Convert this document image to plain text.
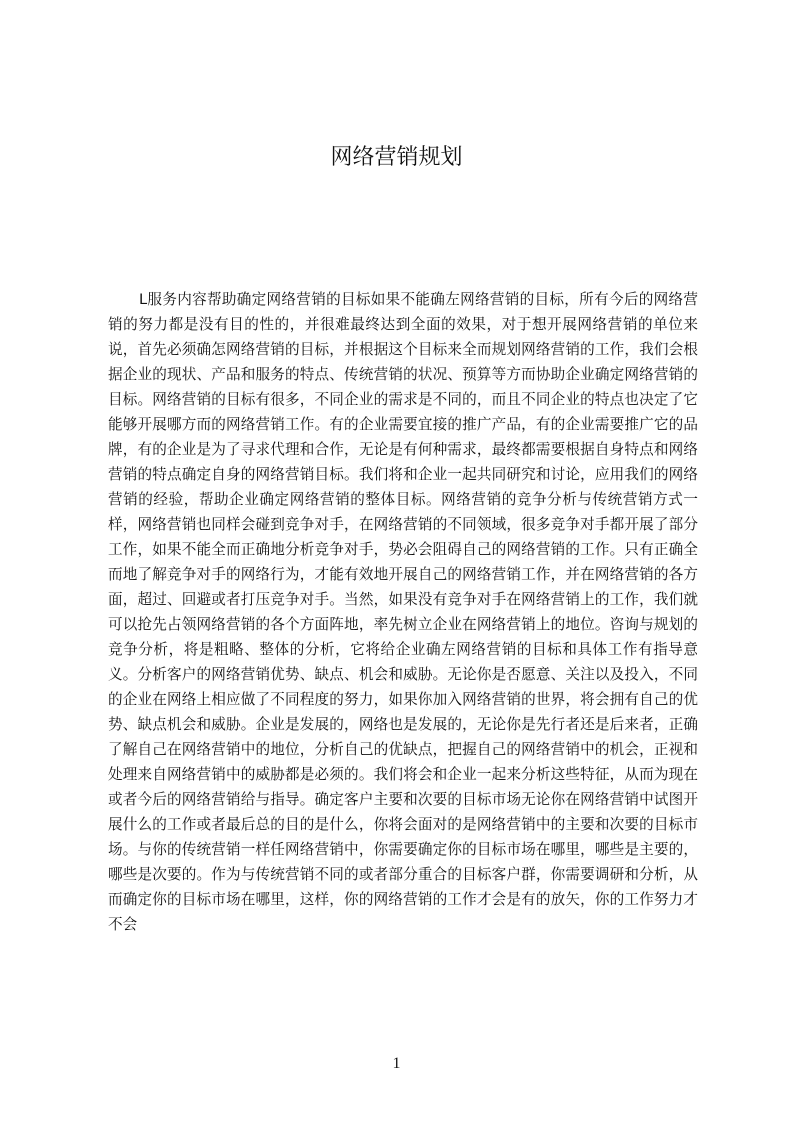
网络营销规划

L服务内容帮助确定网络营销的目标如果不能确左网络营销的目标，所有今后的网络营销的努力都是没有目的性的，并很难最终达到全面的效果，对于想开展网络营销的单位来说，首先必须确怎网络营销的目标，并根据这个目标来全而规划网络营销的工作，我们会根据企业的现状、产品和服务的特点、传统营销的状况、预算等方而协助企业确定网络营销的目标。网络营销的目标有很多，不同企业的需求是不同的，而且不同企业的特点也决定了它能够开展哪方而的网络营销工作。有的企业需要宜接的推广产品，有的企业需要推广它的品牌，有的企业是为了寻求代理和合作，无论是有何种需求，最终都需要根据自身特点和网络营销的特点确定自身的网络营销目标。我们将和企业一起共同研究和讨论，应用我们的网络营销的经验，帮助企业确定网络营销的整体目标。网络营销的竞争分析与传统营销方式一样，网络营销也同样会碰到竞争对手，在网络营销的不同领域，很多竞争对手都开展了部分工作，如果不能全而正确地分析竞争对手，势必会阻碍自己的网络营销的工作。只有正确全而地了解竞争对手的网络行为，才能有效地开展自己的网络营销工作，并在网络营销的各方面，超过、回避或者打压竞争对手。当然，如果没有竞争对手在网络营销上的工作，我们就可以抢先占领网络营销的各个方面阵地，率先树立企业在网络营销上的地位。咨询与规划的竞争分析，将是粗略、整体的分析，它将给企业确左网络营销的目标和具体工作有指导意义。分析客户的网络营销优势、缺点、机会和威胁。无论你是否愿意、关注以及投入，不同的企业在网络上相应做了不同程度的努力，如果你加入网络营销的世界，将会拥有自己的优势、缺点机会和威胁。企业是发展的，网络也是发展的，无论你是先行者还是后来者，正确了解自己在网络营销中的地位，分析自己的优缺点，把握自己的网络营销中的机会，正视和处理来自网络营销中的威胁都是必须的。我们将会和企业一起来分析这些特征，从而为现在或者今后的网络营销给与指导。确定客户主要和次要的目标市场无论你在网络营销中试图开展什么的工作或者最后总的目的是什么，你将会面对的是网络营销中的主要和次要的目标市场。与你的传统营销一样任网络营销中，你需要确定你的目标市场在哪里，哪些是主要的，哪些是次要的。作为与传统营销不同的或者部分重合的目标客户群，你需要调研和分析，从而确定你的目标市场在哪里，这样，你的网络营销的工作才会是有的放矢，你的工作努力才不会

1
